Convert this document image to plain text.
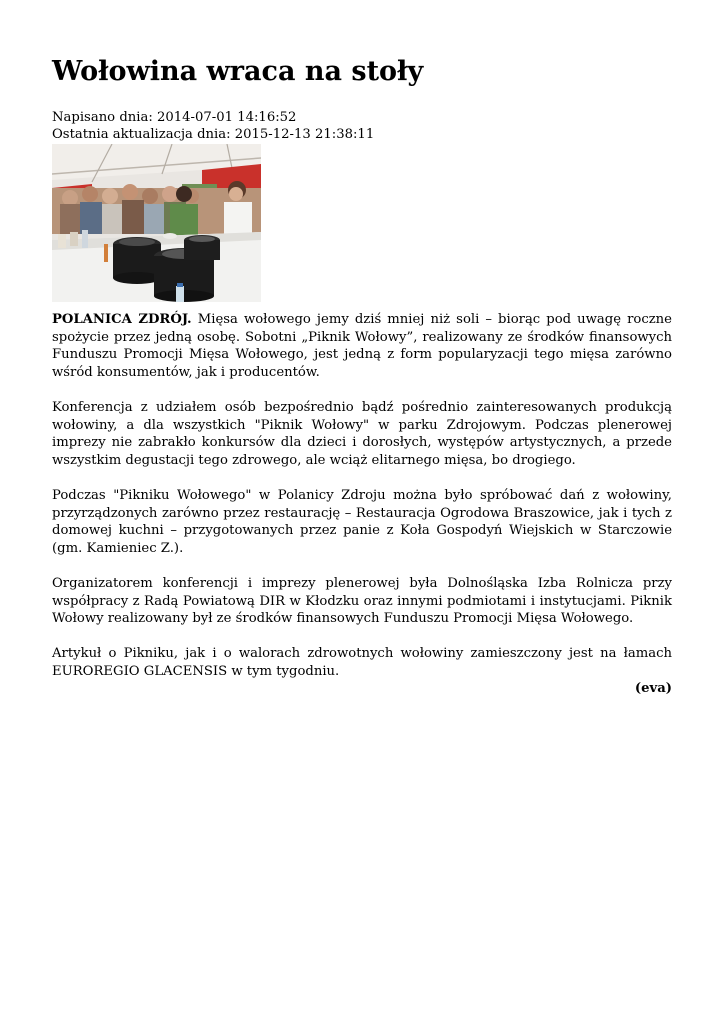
Wołowina wraca na stoły
Napisano dnia: 2014-07-01 14:16:52
Ostatnia aktualizacja dnia: 2015-12-13 21:38:11

POLANICA ZDRÓJ. Mięsa wołowego jemy dziś mniej niż soli – biorąc pod uwagę roczne spożycie przez jedną osobę. Sobotni „Piknik Wołowy”, realizowany ze środków finansowych Funduszu Promocji Mięsa Wołowego, jest jedną z form popularyzacji tego mięsa zarówno wśród konsumentów, jak i producentów.

Konferencja z udziałem osób bezpośrednio bądź pośrednio zainteresowanych produkcją wołowiny, a dla wszystkich "Piknik Wołowy" w parku Zdrojowym. Podczas plenerowej imprezy nie zabrakło konkursów dla dzieci i dorosłych, występów artystycznych, a przede wszystkim degustacji tego zdrowego, ale wciąż elitarnego mięsa, bo drogiego.

Podczas "Pikniku Wołowego" w Polanicy Zdroju można było spróbować dań z wołowiny, przyrządzonych zarówno przez restaurację – Restauracja Ogrodowa Braszowice, jak i tych z domowej kuchni – przygotowanych przez panie z Koła Gospodyń Wiejskich w Starczowie (gm. Kamieniec Z.).

Organizatorem konferencji i imprezy plenerowej była Dolnośląska Izba Rolnicza przy współpracy z Radą Powiatową DIR w Kłodzku oraz innymi podmiotami i instytucjami. Piknik Wołowy realizowany był ze środków finansowych Funduszu Promocji Mięsa Wołowego.

Artykuł o Pikniku, jak i o walorach zdrowotnych wołowiny zamieszczony jest na łamach EUROREGIO GLACENSIS w tym tygodniu.

(eva)
